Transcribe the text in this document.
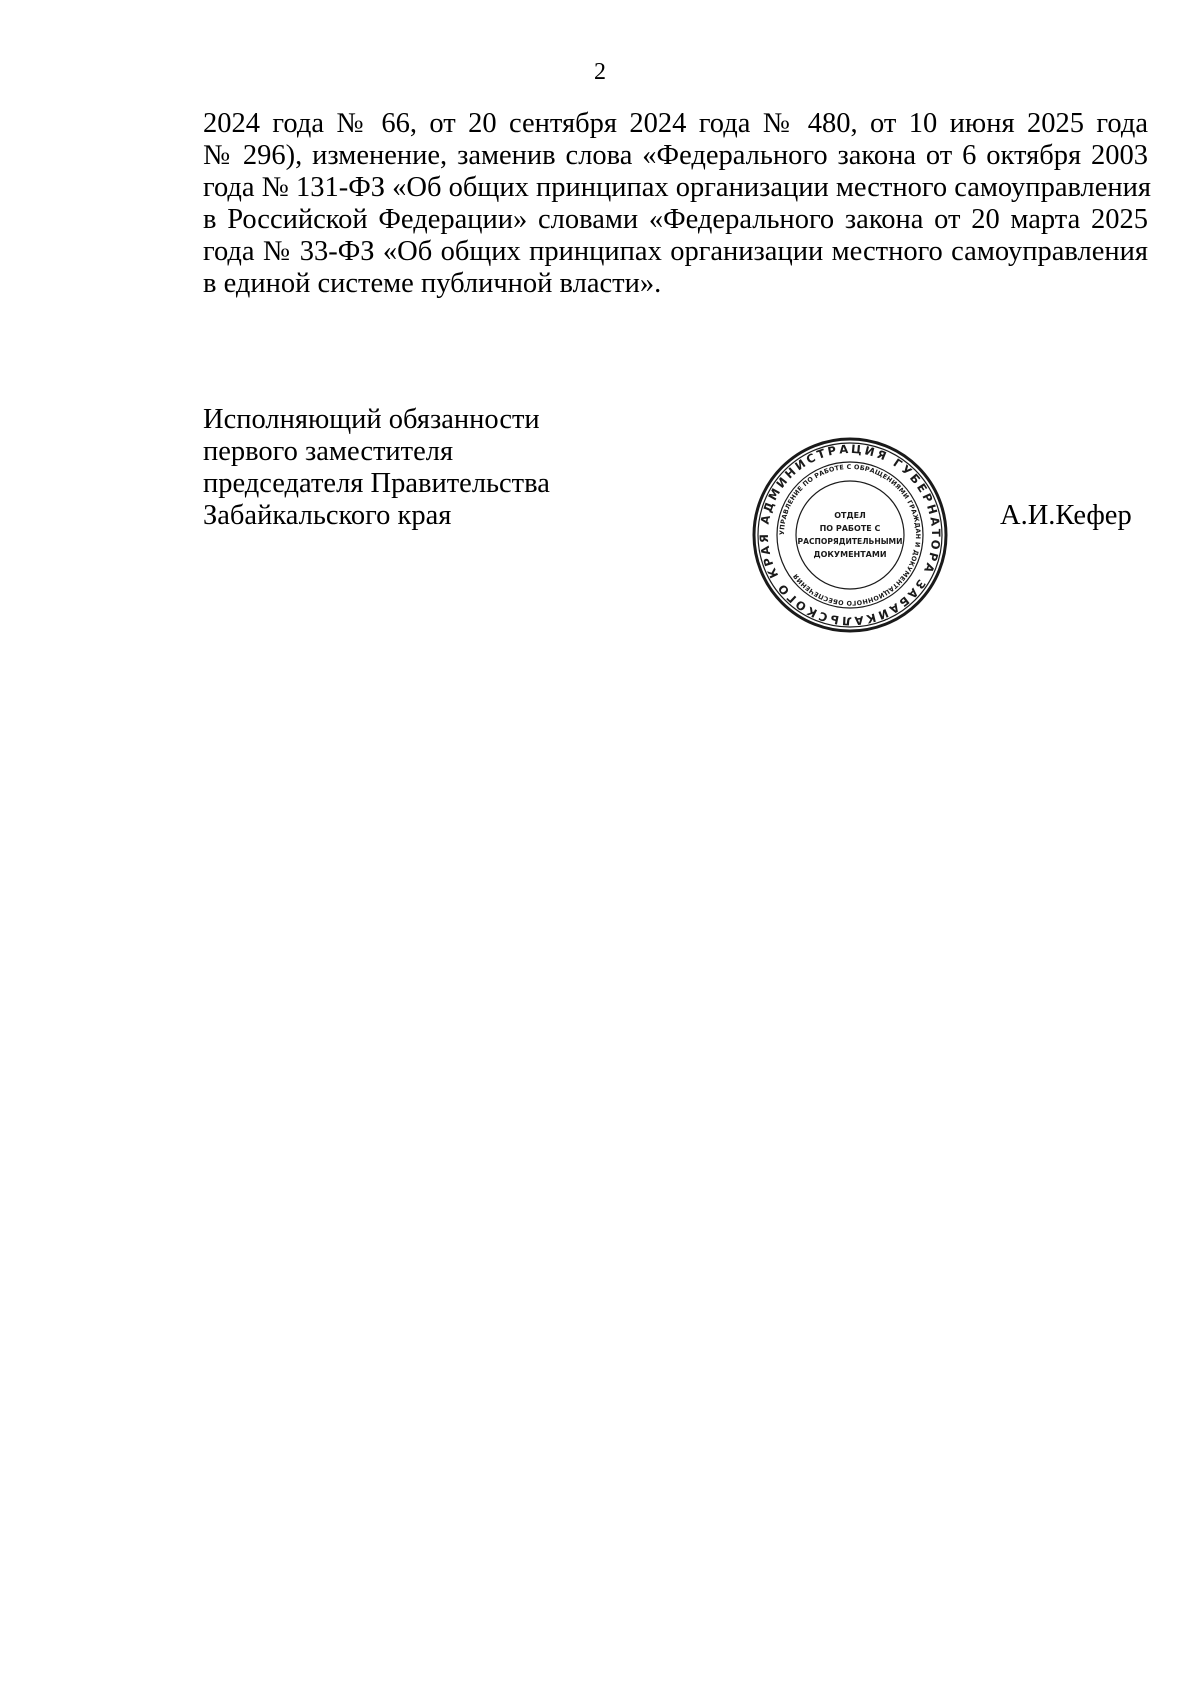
2
2024 года № 66, от 20 сентября 2024 года № 480, от 10 июня 2025 года
№ 296), изменение, заменив слова «Федерального закона от 6 октября 2003
года № 131-ФЗ «Об общих принципах организации местного самоуправления
в Российской Федерации» словами «Федерального закона от 20 марта 2025
года № 33-ФЗ «Об общих принципах организации местного самоуправления
в единой системе публичной власти».
Исполняющий обязанности
первого заместителя
председателя Правительства
Забайкальского края	АДМИНИСТРАЦИЯ ГУБЕРНАТОРА ЗАБАЙКАЛЬСКОГО КРАЯ	УПРАВЛЕНИЕ ПО РАБОТЕ С ОБРАЩЕНИЯМИ ГРАЖДАН И ДОКУМЕНТАЦИОННОГО ОБЕСПЕЧЕНИЯ
ОТДЕЛ
ПО РАБОТЕ С
РАСПОРЯДИТЕЛЬНЫМИ
ДОКУМЕНТАМИ
А.И.Кефер
